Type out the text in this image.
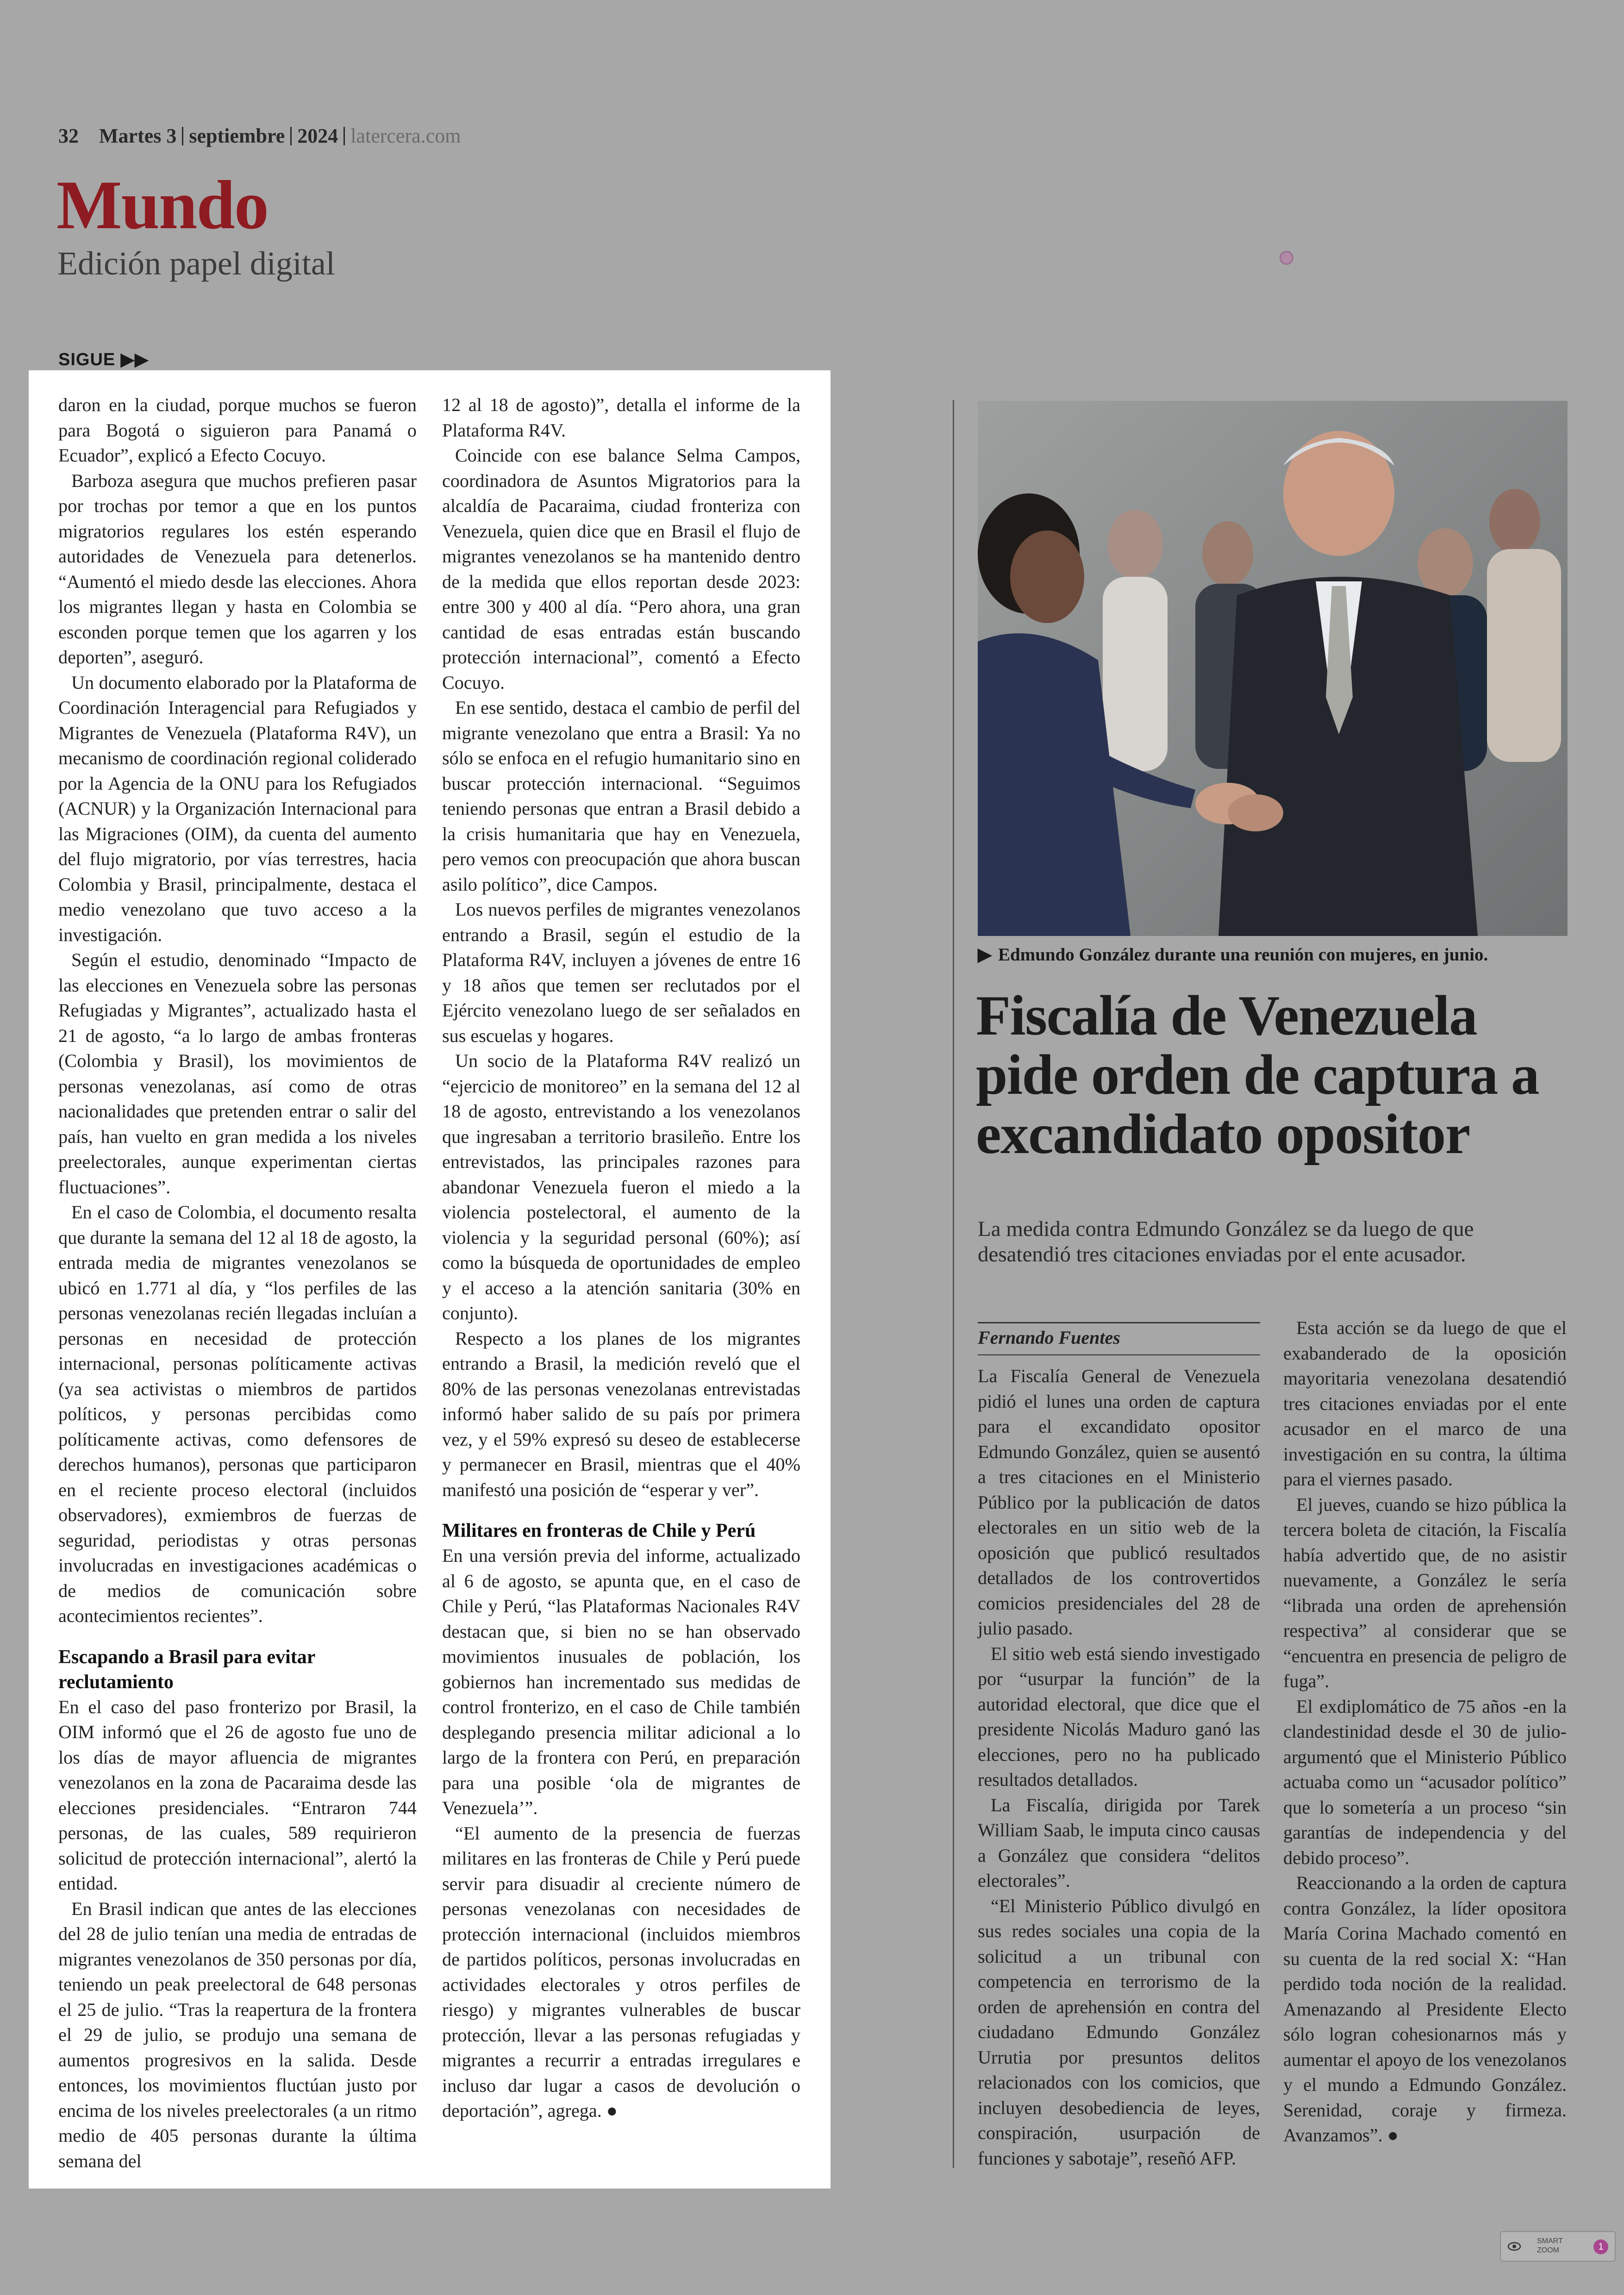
32 Martes 3 septiembre 2024 latercera.com
Mundo
Edición papel digital
SIGUE ▶▶

daron en la ciudad, porque muchos se fueron para Bogotá o siguieron para Panamá o Ecuador”, explicó a Efecto Cocuyo.

Barboza asegura que muchos prefieren pasar por trochas por temor a que en los puntos migratorios regulares los estén esperando autoridades de Venezuela para detenerlos. “Aumentó el miedo desde las elecciones. Ahora los migrantes llegan y hasta en Colombia se esconden porque temen que los agarren y los deporten”, aseguró.

Un documento elaborado por la Plataforma de Coordinación Interagencial para Refugiados y Migrantes de Venezuela (Plataforma R4V), un mecanismo de coordinación regional coliderado por la Agencia de la ONU para los Refugiados (ACNUR) y la Organización Internacional para las Migraciones (OIM), da cuenta del aumento del flujo migratorio, por vías terrestres, hacia Colombia y Brasil, principalmente, destaca el medio venezolano que tuvo acceso a la investigación.

Según el estudio, denominado “Impacto de las elecciones en Venezuela sobre las personas Refugiadas y Migrantes”, actualizado hasta el 21 de agosto, “a lo largo de ambas fronteras (Colombia y Brasil), los movimientos de personas venezolanas, así como de otras nacionalidades que pretenden entrar o salir del país, han vuelto en gran medida a los niveles preelectorales, aunque experimentan ciertas fluctuaciones”.

En el caso de Colombia, el documento resalta que durante la semana del 12 al 18 de agosto, la entrada media de migrantes venezolanos se ubicó en 1.771 al día, y “los perfiles de las personas venezolanas recién llegadas incluían a personas en necesidad de protección internacional, personas políticamente activas (ya sea activistas o miembros de partidos políticos, y personas percibidas como políticamente activas, como defensores de derechos humanos), personas que participaron en el reciente proceso electoral (incluidos observadores), exmiembros de fuerzas de seguridad, periodistas y otras personas involucradas en investigaciones académicas o de medios de comunicación sobre acontecimientos recientes”.

Escapando a Brasil para evitar reclutamiento

En el caso del paso fronterizo por Brasil, la OIM informó que el 26 de agosto fue uno de los días de mayor afluencia de migrantes venezolanos en la zona de Pacaraima desde las elecciones presidenciales. “Entraron 744 personas, de las cuales, 589 requirieron solicitud de protección internacional”, alertó la entidad.

En Brasil indican que antes de las elecciones del 28 de julio tenían una media de entradas de migrantes venezolanos de 350 personas por día, teniendo un peak preelectoral de 648 personas el 25 de julio. “Tras la reapertura de la frontera el 29 de julio, se produjo una semana de aumentos progresivos en la salida. Desde entonces, los movimientos fluctúan justo por encima de los niveles preelectorales (a un ritmo medio de 405 personas durante la última semana del

12 al 18 de agosto)”, detalla el informe de la Plataforma R4V.

Coincide con ese balance Selma Campos, coordinadora de Asuntos Migratorios para la alcaldía de Pacaraima, ciudad fronteriza con Venezuela, quien dice que en Brasil el flujo de migrantes venezolanos se ha mantenido dentro de la medida que ellos reportan desde 2023: entre 300 y 400 al día. “Pero ahora, una gran cantidad de esas entradas están buscando protección internacional”, comentó a Efecto Cocuyo.

En ese sentido, destaca el cambio de perfil del migrante venezolano que entra a Brasil: Ya no sólo se enfoca en el refugio humanitario sino en buscar protección internacional. “Seguimos teniendo personas que entran a Brasil debido a la crisis humanitaria que hay en Venezuela, pero vemos con preocupación que ahora buscan asilo político”, dice Campos.

Los nuevos perfiles de migrantes venezolanos entrando a Brasil, según el estudio de la Plataforma R4V, incluyen a jóvenes de entre 16 y 18 años que temen ser reclutados por el Ejército venezolano luego de ser señalados en sus escuelas y hogares.

Un socio de la Plataforma R4V realizó un “ejercicio de monitoreo” en la semana del 12 al 18 de agosto, entrevistando a los venezolanos que ingresaban a territorio brasileño. Entre los entrevistados, las principales razones para abandonar Venezuela fueron el miedo a la violencia postelectoral, el aumento de la violencia y la seguridad personal (60%); así como la búsqueda de oportunidades de empleo y el acceso a la atención sanitaria (30% en conjunto).

Respecto a los planes de los migrantes entrando a Brasil, la medición reveló que el 80% de las personas venezolanas entrevistadas informó haber salido de su país por primera vez, y el 59% expresó su deseo de establecerse y permanecer en Brasil, mientras que el 40% manifestó una posición de “esperar y ver”.

Militares en fronteras de Chile y Perú

En una versión previa del informe, actualizado al 6 de agosto, se apunta que, en el caso de Chile y Perú, “las Plataformas Nacionales R4V destacan que, si bien no se han observado movimientos inusuales de población, los gobiernos han incrementado sus medidas de control fronterizo, en el caso de Chile también desplegando presencia militar adicional a lo largo de la frontera con Perú, en preparación para una posible ‘ola de migrantes de Venezuela’”.

“El aumento de la presencia de fuerzas militares en las fronteras de Chile y Perú puede servir para disuadir al creciente número de personas venezolanas con necesidades de protección internacional (incluidos miembros de partidos políticos, personas involucradas en actividades electorales y otros perfiles de riesgo) y migrantes vulnerables de buscar protección, llevar a las personas refugiadas y migrantes a recurrir a entradas irregulares e incluso dar lugar a casos de devolución o deportación”, agrega. ●

▶ Edmundo González durante una reunión con mujeres, en junio.
Fiscalía de Venezuela pide orden de captura a excandidato opositor
La medida contra Edmundo González se da luego de que desatendió tres citaciones enviadas por el ente acusador.
Fernando Fuentes

La Fiscalía General de Venezuela pidió el lunes una orden de captura para el excandidato opositor Edmundo González, quien se ausentó a tres citaciones en el Ministerio Público por la publicación de datos electorales en un sitio web de la oposición que publicó resultados detallados de los controvertidos comicios presidenciales del 28 de julio pasado.

El sitio web está siendo investigado por “usurpar la función” de la autoridad electoral, que dice que el presidente Nicolás Maduro ganó las elecciones, pero no ha publicado resultados detallados.

La Fiscalía, dirigida por Tarek William Saab, le imputa cinco causas a González que considera “delitos electorales”.

“El Ministerio Público divulgó en sus redes sociales una copia de la solicitud a un tribunal con competencia en terrorismo de la orden de aprehensión en contra del ciudadano Edmundo González Urrutia por presuntos delitos relacionados con los comicios, que incluyen desobediencia de leyes, conspiración, usurpación de funciones y sabotaje”, reseñó AFP.

Esta acción se da luego de que el exabanderado de la oposición mayoritaria venezolana desatendió tres citaciones enviadas por el ente acusador en el marco de una investigación en su contra, la última para el viernes pasado.

El jueves, cuando se hizo pública la tercera boleta de citación, la Fiscalía había advertido que, de no asistir nuevamente, a González le sería “librada una orden de aprehensión respectiva” al considerar que se “encuentra en presencia de peligro de fuga”.

El exdiplomático de 75 años -en la clandestinidad desde el 30 de julio- argumentó que el Ministerio Público actuaba como un “acusador político” que lo sometería a un proceso “sin garantías de independencia y del debido proceso”.

Reaccionando a la orden de captura contra González, la líder opositora María Corina Machado comentó en su cuenta de la red social X: “Han perdido toda noción de la realidad. Amenazando al Presidente Electo sólo logran cohesionarnos más y aumentar el apoyo de los venezolanos y el mundo a Edmundo González. Serenidad, coraje y firmeza. Avanzamos”. ●

SMART
ZOOM	1
